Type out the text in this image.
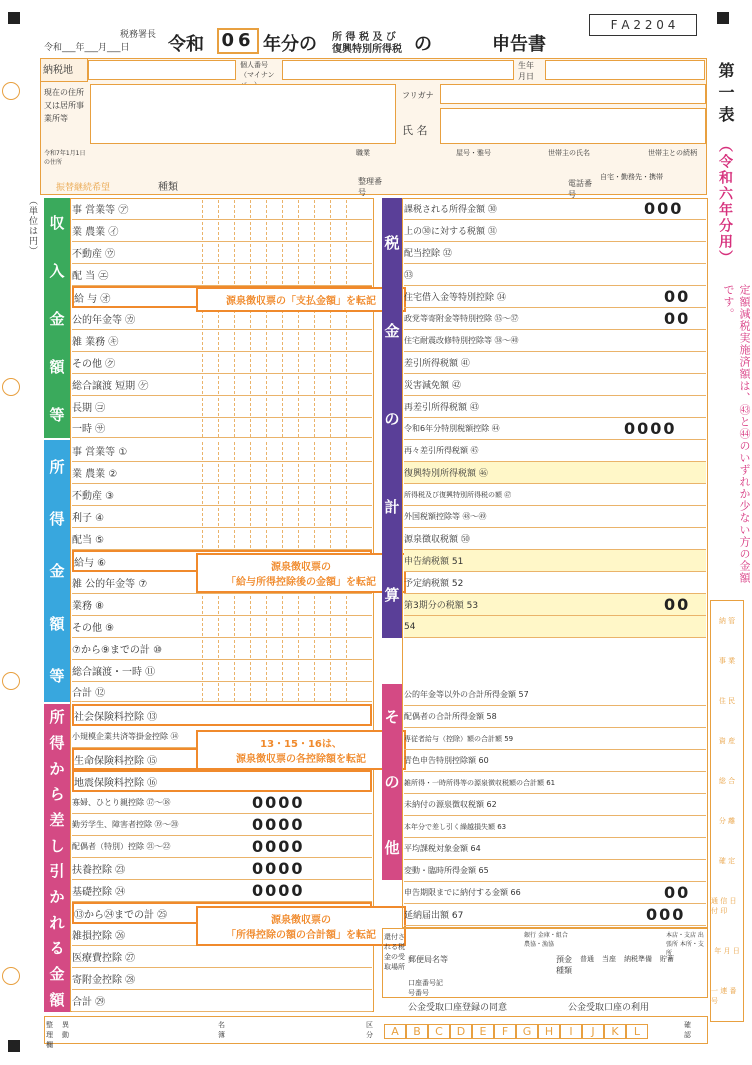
税務署長
令和___年___月___日 令和 06 年分の 所 得 税 及 び
復興特別所得税 の	申告書
F A 2 2 0 4
第一表
（令和六年分用）
定額減税実施済額は、㊸と㊹のいずれか少ない方の金額です。
納税地	個人番号（マイナン
生年月日
現在の住所又は居所事業所等
フリガナ
氏 名
令和7年1月1日の住所
職業	屋号・雅号	世帯主の氏名	世帯主との続柄
振替継続希望	種類
整理番号
自宅・勤務先・携帯
電話番号
（単位は円） 収
入
金
額
等
所
得
金
額
等
所
得
か
ら
差
し
引
か
れ
る
金
額
事 営業等 ㋐
業 農業 ㋑
不動産 ㋒
配 当 ㋓
給 与 ㋔
公的年金等 ㋕
雑 業務 ㋖
その他 ㋗
総合譲渡 短期 ㋘
長期 ㋙
一時 ㋚
源泉徴収票の「支払金額」を転記
事 営業等 ①
業 農業 ②
不動産 ③
利子 ④
配当 ⑤
給与 ⑥
雑 公的年金等 ⑦
業務 ⑧
その他 ⑨
⑦から⑨までの計 ⑩
総合譲渡・一時 ⑪
合計 ⑫
源泉徴収票の
「給与所得控除後の金額」を転記
社会保険料控除 ⑬
小規模企業共済等掛金控除 ⑭
生命保険料控除 ⑮
地震保険料控除 ⑯
寡婦、ひとり親控除 ⑰〜⑱	0000
勤労学生、障害者控除 ⑲〜⑳	0000
配偶者（特別）控除 ㉑〜㉒	0000
扶養控除 ㉓	0000
基礎控除 ㉔	0000
⑬から㉔までの計 ㉕
雑損控除 ㉖
医療費控除 ㉗
寄附金控除 ㉘
合計 ㉙
13・15・16は、
源泉徴収票の各控除額を転記
源泉徴収票の
「所得控除の額の合計額」を転記
税
金
の
計
算
そ
の
他
課税される所得金額 ㉚	000
上の㉚に対する税額 ㉛
配当控除 ㉜
㉝
住宅借入金等特別控除 ㉞	00
政党等寄附金等特別控除 ㉟〜㊲	00
住宅耐震改修特別控除等 ㊳〜㊵
差引所得税額 ㊶
災害減免額 ㊷
再差引所得税額 ㊸
令和6年分特別税額控除 ㊹	0000
再々差引所得税額 ㊺
復興特別所得税額 ㊻
所得税及び復興特別所得税の額 ㊼
外国税額控除等 ㊽〜㊾
源泉徴収税額 ㊿
申告納税額 51
予定納税額 52
第3期分の税額 53	00
54
公的年金等以外の合計所得金額 57
配偶者の合計所得金額 58
専従者給与（控除）額の合計額 59
青色申告特別控除額 60
雑所得・一時所得等の源泉徴収税額の合計額 61
未納付の源泉徴収税額 62
本年分で差し引く繰越損失額 63
平均課税対象金額 64
変動・臨時所得金額 65
申告期限までに納付する金額 66	00
延納届出額 67	000
還付される税金の受取場所
銀行 金庫・組合 農協・漁協
本店・支店 出張所 本所・支所
郵便局名等	預金種類
普通 当座 納税準備 貯蓄
口座番号記号番号
公金受取口座登録の同意	公金受取口座の利用
整理欄
異動
名簿
区分	A	B	C	D	E	F	G	H	I	J	K	L	確認
納 管
事 業
住 民
資 産
総 合
分 離
確 定
通 信 日 付 印
年 月 日
一 連 番 号
